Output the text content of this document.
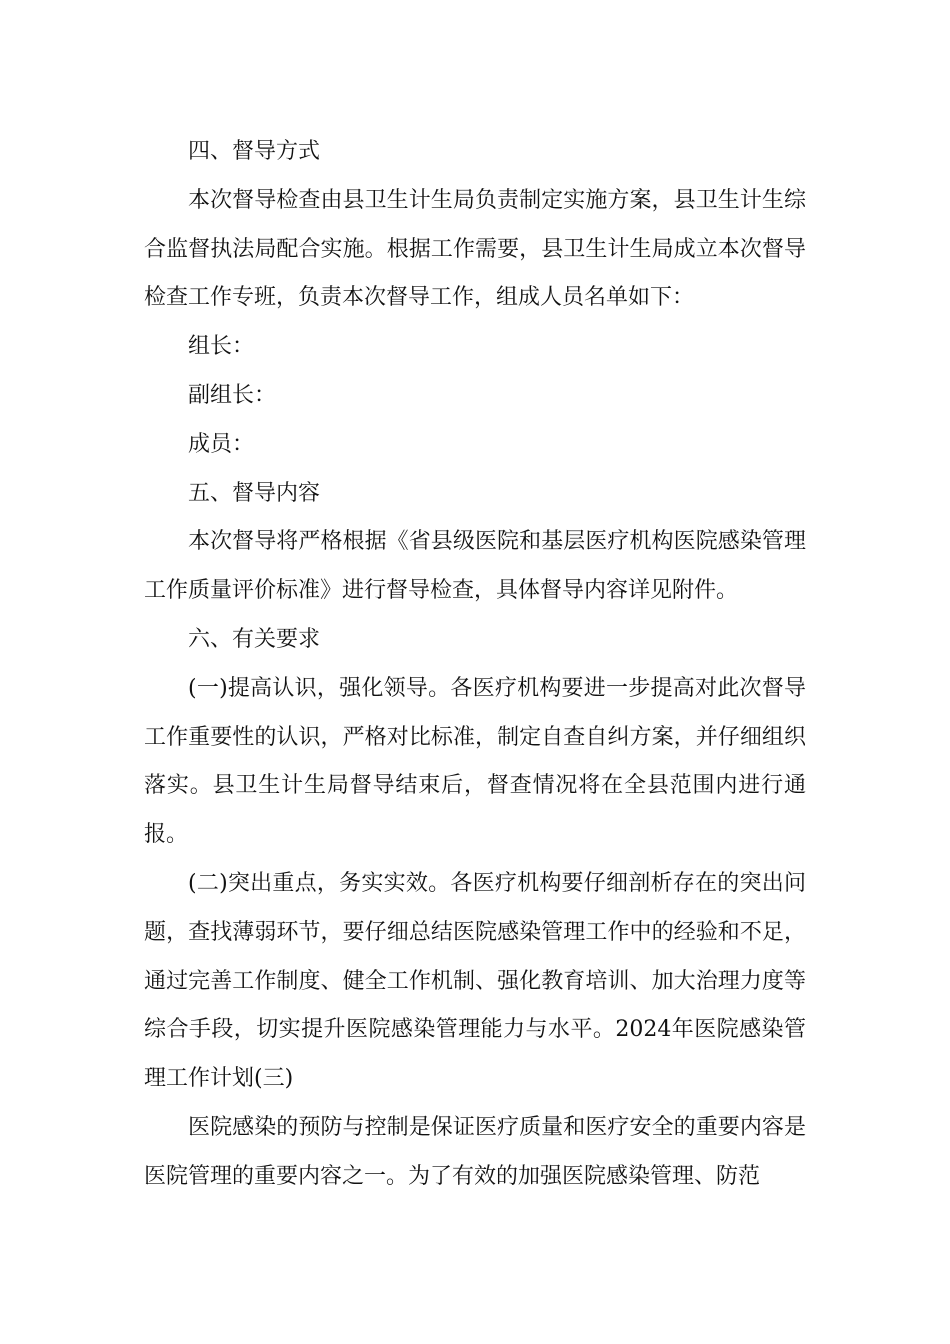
四、督导方式

本次督导检查由县卫生计生局负责制定实施方案，县卫生计生综合监督执法局配合实施。根据工作需要，县卫生计生局成立本次督导检查工作专班，负责本次督导工作，组成人员名单如下：

组长：

副组长：

成员：

五、督导内容

本次督导将严格根据《省县级医院和基层医疗机构医院感染管理工作质量评价标准》进行督导检查，具体督导内容详见附件。

六、有关要求

(一)提高认识，强化领导。各医疗机构要进一步提高对此次督导工作重要性的认识，严格对比标准，制定自查自纠方案，并仔细组织落实。县卫生计生局督导结束后，督查情况将在全县范围内进行通报。

(二)突出重点，务实实效。各医疗机构要仔细剖析存在的突出问题，查找薄弱环节，要仔细总结医院感染管理工作中的经验和不足，通过完善工作制度、健全工作机制、强化教育培训、加大治理力度等综合手段，切实提升医院感染管理能力与水平。2024年医院感染管理工作计划(三)

医院感染的预防与控制是保证医疗质量和医疗安全的重要内容是医院管理的重要内容之一。为了有效的加强医院感染管理、防范
